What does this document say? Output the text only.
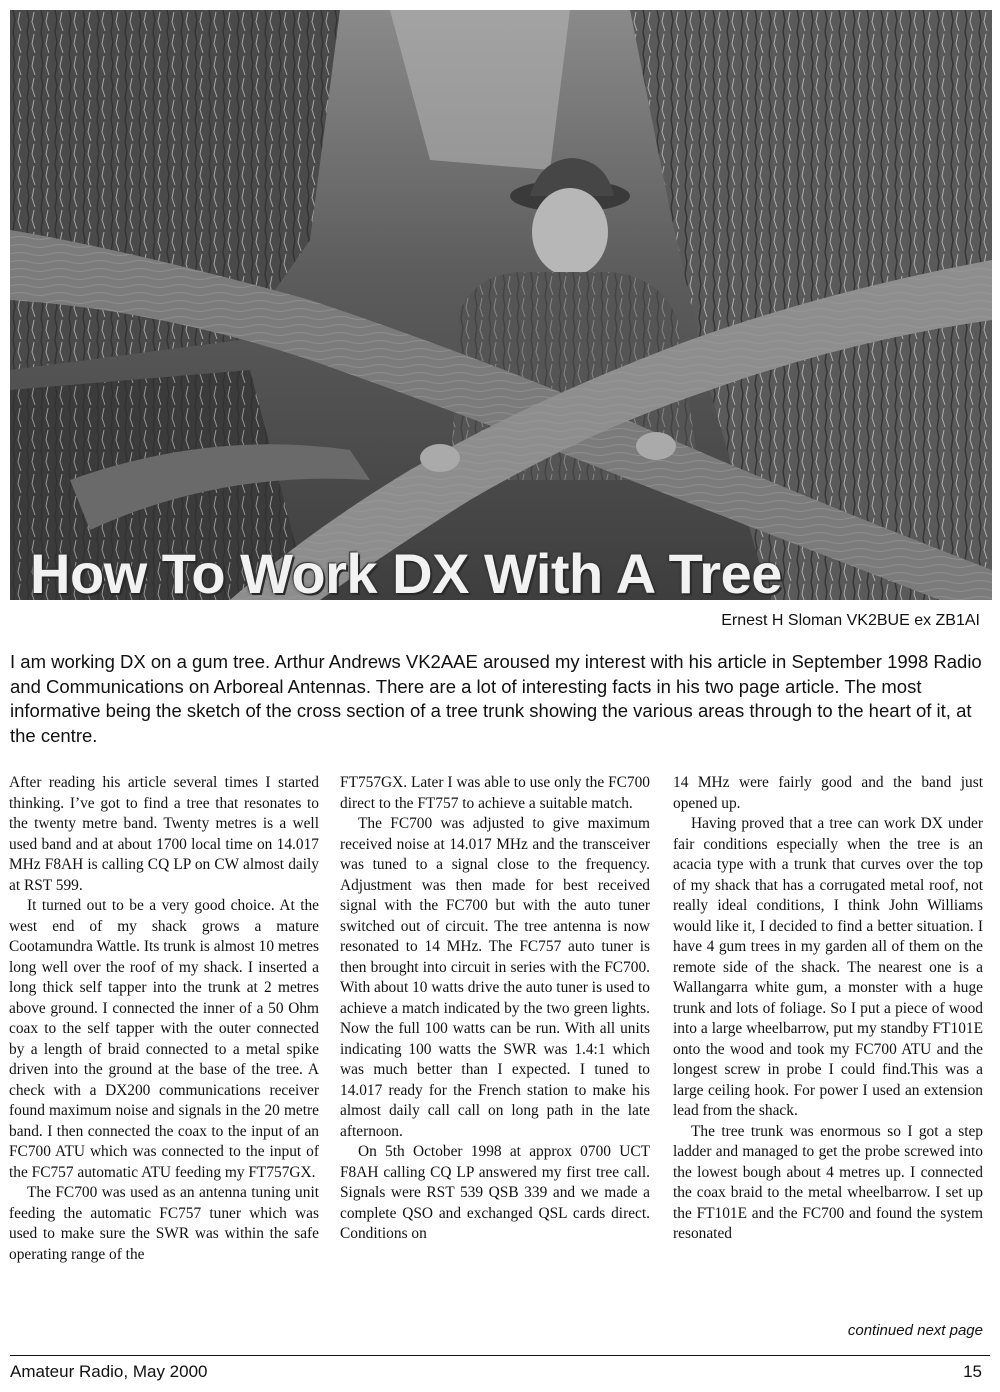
How To Work DX With A Tree
Ernest H Sloman VK2BUE ex ZB1AI

I am working DX on a gum tree. Arthur Andrews VK2AAE aroused my interest with his article in September 1998 Radio and Communications on Arboreal Antennas. There are a lot of interesting facts in his two page article. The most informative being the sketch of the cross section of a tree trunk showing the various areas through to the heart of it, at the centre.

After reading his article several times I started thinking. I’ve got to find a tree that resonates to the twenty metre band. Twenty metres is a well used band and at about 1700 local time on 14.017 MHz F8AH is calling CQ LP on CW almost daily at RST 599.

It turned out to be a very good choice. At the west end of my shack grows a mature Cootamundra Wattle. Its trunk is almost 10 metres long well over the roof of my shack. I inserted a long thick self tapper into the trunk at 2 metres above ground. I connected the inner of a 50 Ohm coax to the self tapper with the outer connected by a length of braid connected to a metal spike driven into the ground at the base of the tree. A check with a DX200 communications receiver found maximum noise and signals in the 20 metre band. I then connected the coax to the input of an FC700 ATU which was connected to the input of the FC757 automatic ATU feeding my FT757GX.

The FC700 was used as an antenna tuning unit feeding the automatic FC757 tuner which was used to make sure the SWR was within the safe operating range of the

FT757GX. Later I was able to use only the FC700 direct to the FT757 to achieve a suitable match.

The FC700 was adjusted to give maximum received noise at 14.017 MHz and the transceiver was tuned to a signal close to the frequency. Adjustment was then made for best received signal with the FC700 but with the auto tuner switched out of circuit. The tree antenna is now resonated to 14 MHz. The FC757 auto tuner is then brought into circuit in series with the FC700. With about 10 watts drive the auto tuner is used to achieve a match indicated by the two green lights. Now the full 100 watts can be run. With all units indicating 100 watts the SWR was 1.4:1 which was much better than I expected. I tuned to 14.017 ready for the French station to make his almost daily call call on long path in the late afternoon.

On 5th October 1998 at approx 0700 UCT F8AH calling CQ LP answered my first tree call. Signals were RST 539 QSB 339 and we made a complete QSO and exchanged QSL cards direct. Conditions on

14 MHz were fairly good and the band just opened up.

Having proved that a tree can work DX under fair conditions especially when the tree is an acacia type with a trunk that curves over the top of my shack that has a corrugated metal roof, not really ideal conditions, I think John Williams would like it, I decided to find a better situation. I have 4 gum trees in my garden all of them on the remote side of the shack. The nearest one is a Wallangarra white gum, a monster with a huge trunk and lots of foliage. So I put a piece of wood into a large wheelbarrow, put my standby FT101E onto the wood and took my FC700 ATU and the longest screw in probe I could find.This was a large ceiling hook. For power I used an extension lead from the shack.

The tree trunk was enormous so I got a step ladder and managed to get the probe screwed into the lowest bough about 4 metres up. I connected the coax braid to the metal wheelbarrow. I set up the FT101E and the FC700 and found the system resonated

continued next page
Amateur Radio, May 2000	15
